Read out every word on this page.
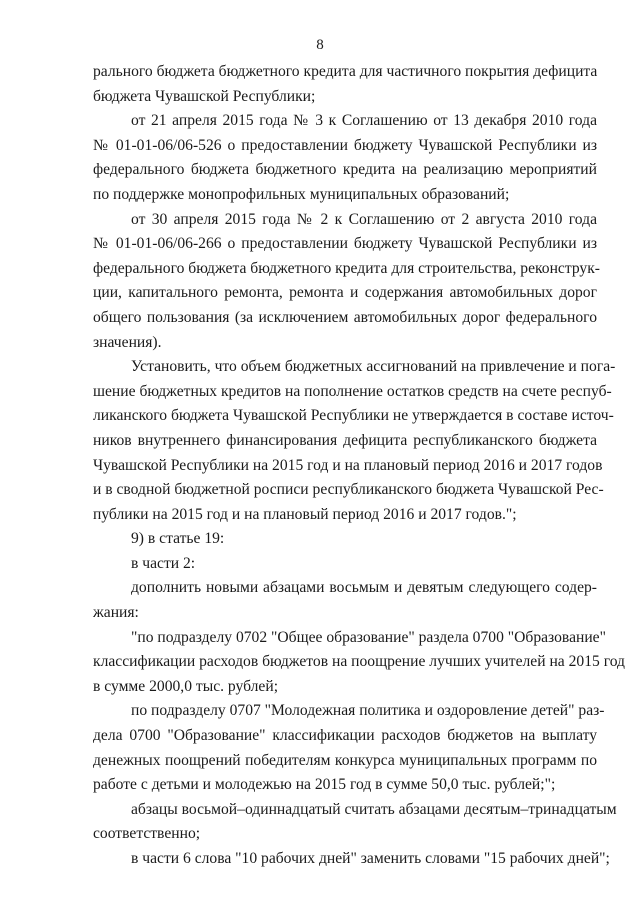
8
рального бюджета бюджетного кредита для частичного покрытия дефицита
бюджета Чувашской Республики;
от 21 апреля 2015 года № 3 к Соглашению от 13 декабря 2010 года
№ 01-01-06/06-526 о предоставлении бюджету Чувашской Республики из
федерального бюджета бюджетного кредита на реализацию мероприятий
по поддержке монопрофильных муниципальных образований;
от 30 апреля 2015 года № 2 к Соглашению от 2 августа 2010 года
№ 01-01-06/06-266 о предоставлении бюджету Чувашской Республики из
федерального бюджета бюджетного кредита для строительства, реконструк-
ции, капитального ремонта, ремонта и содержания автомобильных дорог
общего пользования (за исключением автомобильных дорог федерального
значения).
Установить, что объем бюджетных ассигнований на привлечение и пога-
шение бюджетных кредитов на пополнение остатков средств на счете респуб-
ликанского бюджета Чувашской Республики не утверждается в составе источ-
ников внутреннего финансирования дефицита республиканского бюджета
Чувашской Республики на 2015 год и на плановый период 2016 и 2017 годов
и в сводной бюджетной росписи республиканского бюджета Чувашской Рес-
публики на 2015 год и на плановый период 2016 и 2017 годов.";
9) в статье 19:
в части 2:
дополнить новыми абзацами восьмым и девятым следующего содер-
жания:
"по подразделу 0702 "Общее образование" раздела 0700 "Образование"
классификации расходов бюджетов на поощрение лучших учителей на 2015 год
в сумме 2000,0 тыс. рублей;
по подразделу 0707 "Молодежная политика и оздоровление детей" раз-
дела 0700 "Образование" классификации расходов бюджетов на выплату
денежных поощрений победителям конкурса муниципальных программ по
работе с детьми и молодежью на 2015 год в сумме 50,0 тыс. рублей;";
абзацы восьмой–одиннадцатый считать абзацами десятым–тринадцатым
соответственно;
в части 6 слова "10 рабочих дней" заменить словами "15 рабочих дней";
